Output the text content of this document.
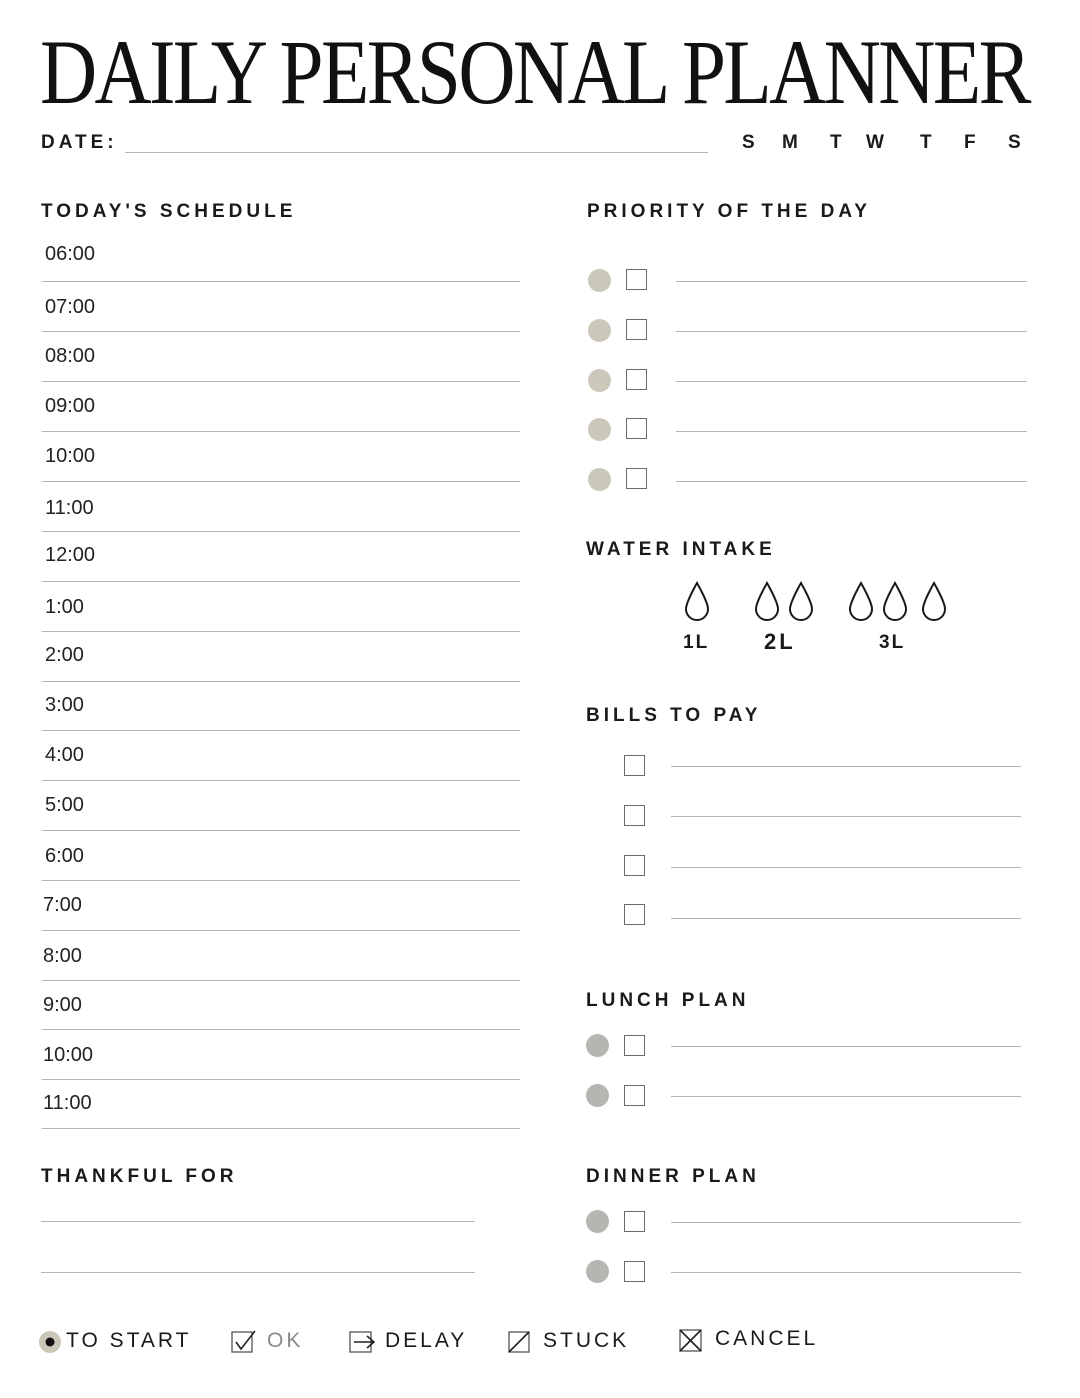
DAILY PERSONAL PLANNER
DATE:	S M T W T F S
TODAY'S SCHEDULE
06:00
07:00
08:00
09:00
10:00
11:00
12:00
1:00
2:00
3:00
4:00
5:00
6:00
7:00
8:00
9:00
10:00
11:00
PRIORITY OF THE DAY
WATER INTAKE
1L 2L	3L
BILLS TO PAY
LUNCH PLAN
THANKFUL FOR	DINNER PLAN
TO START	OK	DELAY	STUCK	CANCEL
